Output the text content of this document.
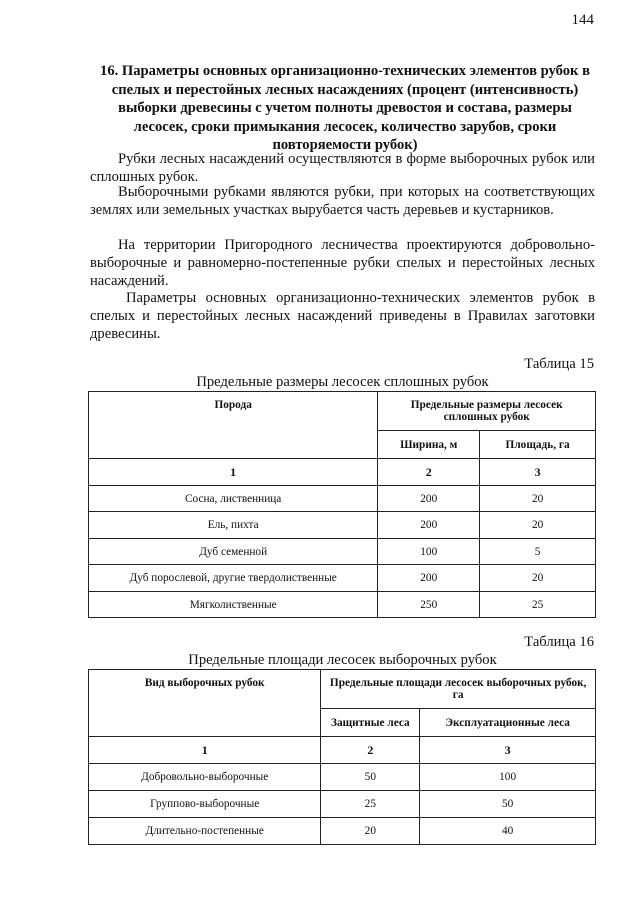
144
16. Параметры основных организационно-технических элементов рубок в спелых и перестойных лесных насаждениях (процент (интенсивность) выборки древесины с учетом полноты древостоя и состава, размеры лесосек, сроки примыкания лесосек, количество зарубов, сроки повторяемости рубок)

Рубки лесных насаждений осуществляются в форме выборочных рубок или сплошных рубок.

Выборочными рубками являются рубки, при которых на соответствующих землях или земельных участках вырубается часть деревьев и кустарников.

На территории Пригородного лесничества проектируются добровольно-выборочные и равномерно-постепенные рубки спелых и перестойных лесных насаждений.

Параметры основных организационно-технических элементов рубок в спелых и перестойных лесных насаждений приведены в Правилах заготовки древесины.

Таблица 15
Предельные размеры лесосек сплошных рубок
Порода	Предельные размеры лесосек сплошных рубок	
	Ширина, м	Площадь, га
1	2	3
Сосна, лиственница	200	20
Ель, пихта	200	20
Дуб семенной	100	5
Дуб порослевой, другие твердолиственные	200	20
Мягколиственные	250	25
Таблица 16
Предельные площади лесосек выборочных рубок
Вид выборочных рубок	Предельные площади лесосек выборочных рубок, га	
	Защитные леса	Эксплуатационные леса
1	2	3
Добровольно-выборочные	50	100
Группово-выборочные	25	50
Длительно-постепенные	20	40
